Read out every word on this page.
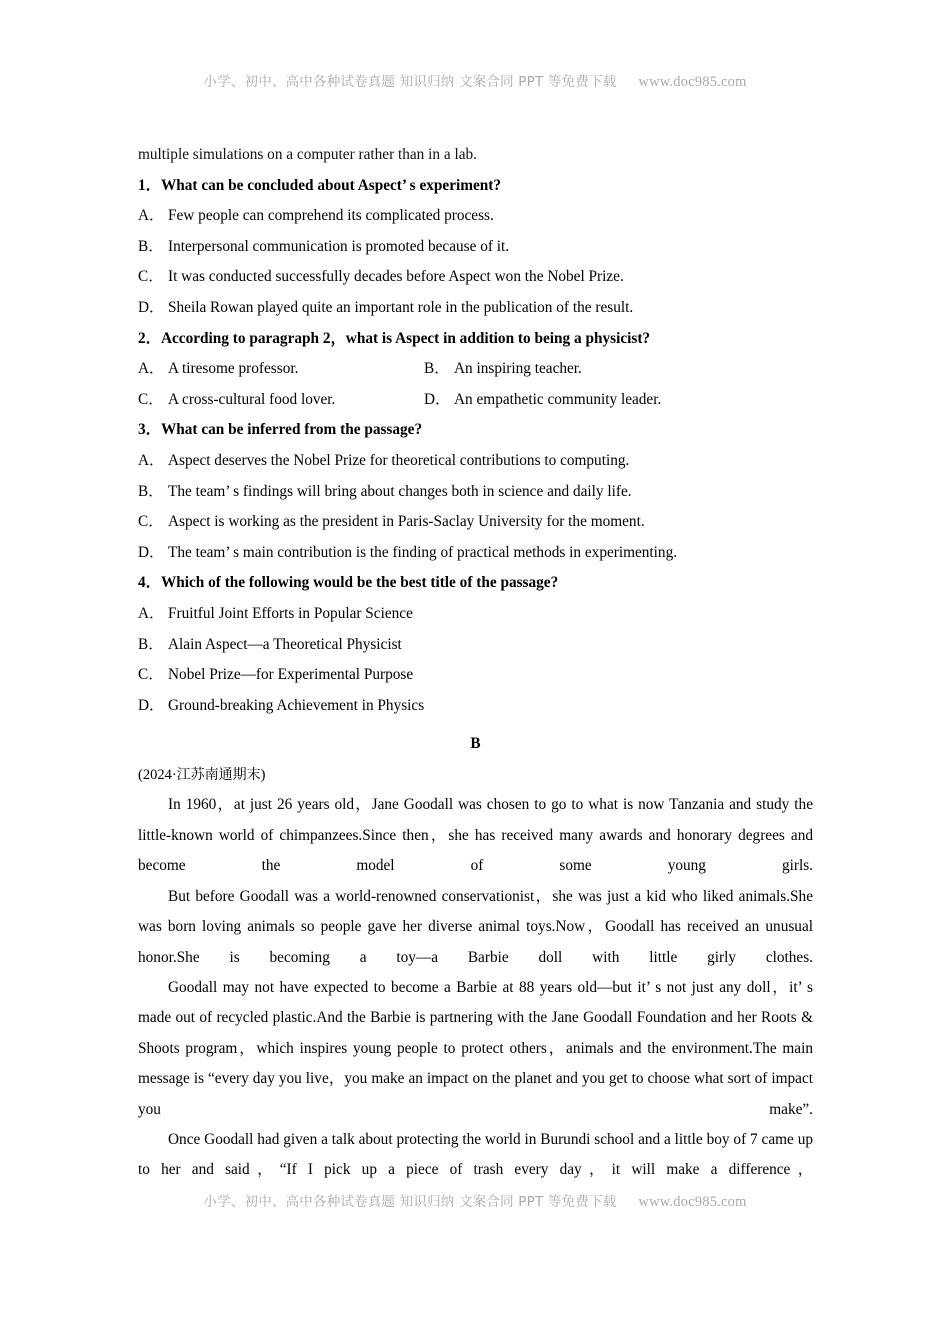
小学、初中、高中各种试卷真题 知识归纳 文案合同 PPT 等免费下载 www.doc985.com
multiple simulations on a computer rather than in a lab.
1．What can be concluded about Aspect’ s experiment?
A． Few people can comprehend its complicated process.
B． Interpersonal communication is promoted because of it.
C． It was conducted successfully decades before Aspect won the Nobel Prize.
D． Sheila Rowan played quite an important role in the publication of the result.
2．According to paragraph 2，what is Aspect in addition to being a physicist?
A． A tiresome professor.	B． An inspiring teacher.
C． A cross-cultural food lover.	D． An empathetic community leader.
3．What can be inferred from the passage?
A． Aspect deserves the Nobel Prize for theoretical contributions to computing.
B． The team’ s findings will bring about changes both in science and daily life.
C． Aspect is working as the president in Paris-Saclay University for the moment.
D． The team’ s main contribution is the finding of practical methods in experimenting.
4．Which of the following would be the best title of the passage?
A． Fruitful Joint Efforts in Popular Science
B． Alain Aspect—a Theoretical Physicist
C． Nobel Prize—for Experimental Purpose
D． Ground-breaking Achievement in Physics
B
(2024·江苏南通期末)

In 1960，at just 26 years old，Jane Goodall was chosen to go to what is now Tanzania and study the little-known world of chimpanzees.Since then，she has received many awards and honorary degrees and become the model of some young girls.

But before Goodall was a world-renowned conservationist，she was just a kid who liked animals.She was born loving animals so people gave her diverse animal toys.Now，Goodall has received an unusual honor.She is becoming a toy—a Barbie doll with little girly clothes.

Goodall may not have expected to become a Barbie at 88 years old—but it’ s not just any doll，it’ s made out of recycled plastic.And the Barbie is partnering with the Jane Goodall Foundation and her Roots & Shoots program，which inspires young people to protect others，animals and the environment.The main message is “every day you live，you make an impact on the planet and you get to choose what sort of impact you make”.

Once Goodall had given a talk about protecting the world in Burundi school and a little boy of 7 came up to her and said，“If I pick up a piece of trash every day，it will make a difference，

小学、初中、高中各种试卷真题 知识归纳 文案合同 PPT 等免费下载 www.doc985.com
